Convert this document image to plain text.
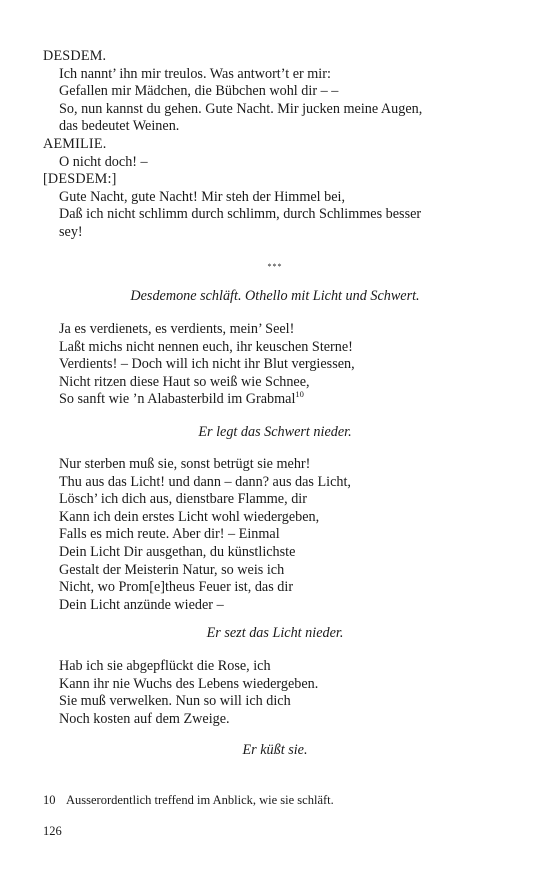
DESDEM.
Ich nannt’ ihn mir treulos. Was antwort’t er mir:
Gefallen mir Mädchen, die Bübchen wohl dir – –
So, nun kannst du gehen. Gute Nacht. Mir jucken meine Augen,
das bedeutet Weinen.
AEMILIE.
O nicht doch! –
[DESDEM:]
Gute Nacht, gute Nacht! Mir steh der Himmel bei,
Daß ich nicht schlimm durch schlimm, durch Schlimmes besser
sey!
***
Desdemone schläft. Othello mit Licht und Schwert.
Ja es verdienets, es verdients, mein’ Seel!
Laßt michs nicht nennen euch, ihr keuschen Sterne!
Verdients! – Doch will ich nicht ihr Blut vergiessen,
Nicht ritzen diese Haut so weiß wie Schnee,
So sanft wie ’n Alabasterbild im Grabmal$^{10}$
Er legt das Schwert nieder.
Nur sterben muß sie, sonst betrügt sie mehr!
Thu aus das Licht! und dann – dann? aus das Licht,
Lösch’ ich dich aus, dienstbare Flamme, dir
Kann ich dein erstes Licht wohl wiedergeben,
Falls es mich reute. Aber dir! – Einmal
Dein Licht Dir ausgethan, du künstlichste
Gestalt der Meisterin Natur, so weis ich
Nicht, wo Prom[e]theus Feuer ist, das dir
Dein Licht anzünde wieder –
Er sezt das Licht nieder.
Hab ich sie abgepflückt die Rose, ich
Kann ihr nie Wuchs des Lebens wiedergeben.
Sie muß verwelken. Nun so will ich dich
Noch kosten auf dem Zweige.
Er küßt sie.
10 Ausserordentlich treffend im Anblick, wie sie schläft.
126
